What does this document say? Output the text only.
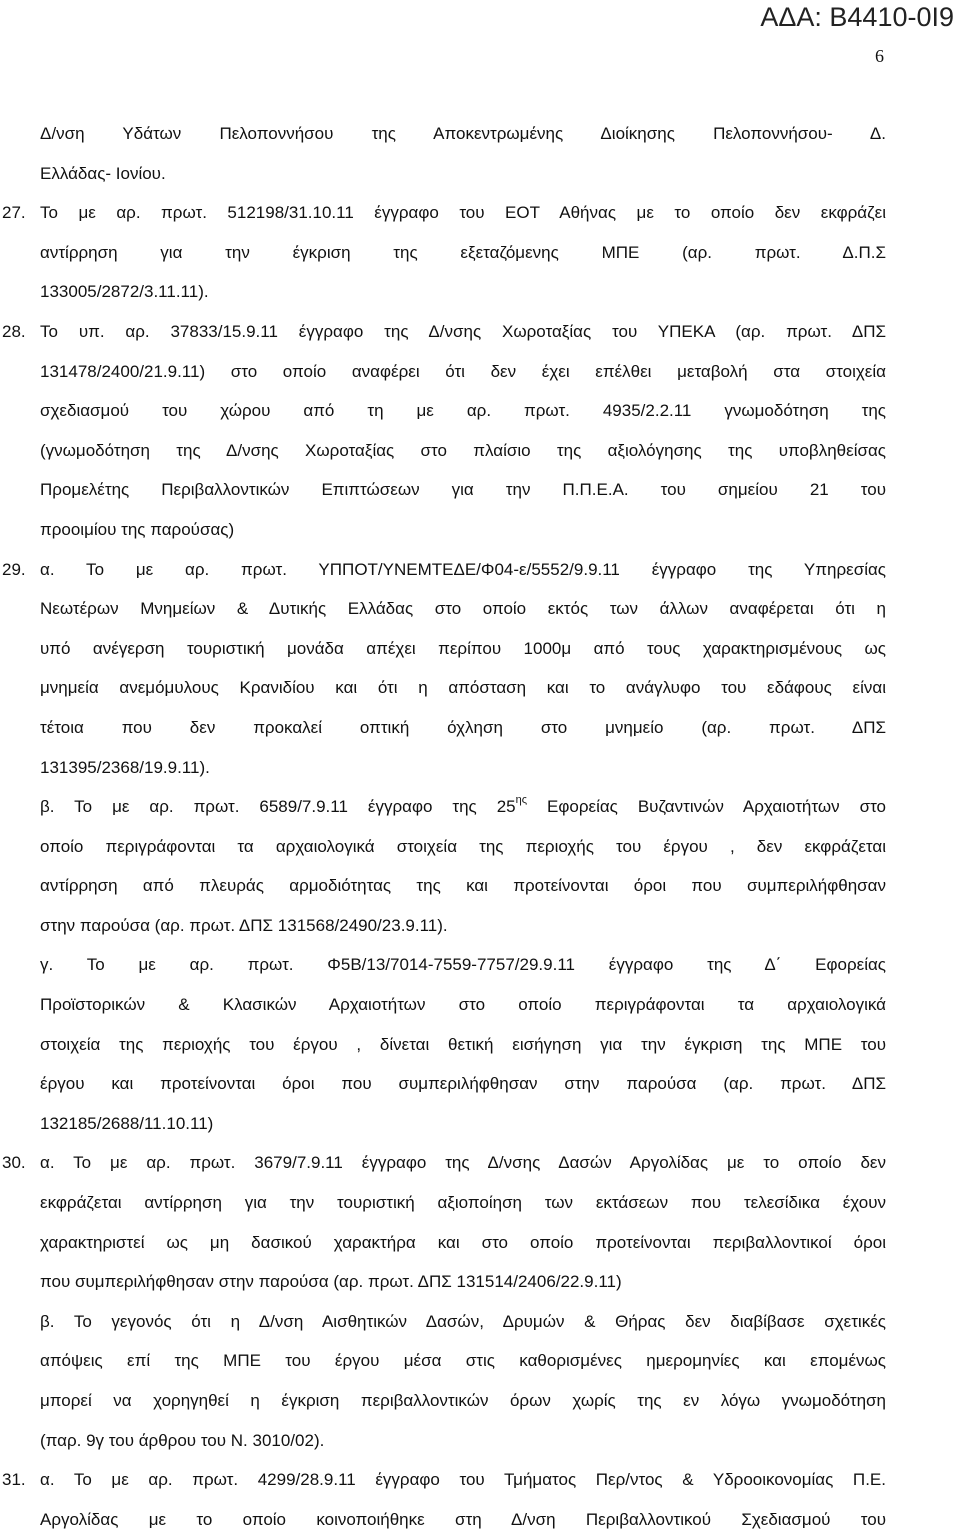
ΑΔΑ: Β4410-0Ι9
6
Δ/νση Υδάτων Πελοποννήσου της Αποκεντρωμένης Διοίκησης Πελοποννήσου- Δ.
Ελλάδας- Ιονίου.
27. Το με αρ. πρωτ. 512198/31.10.11 έγγραφο του ΕΟΤ Αθήνας με το οποίο δεν εκφράζει
αντίρρηση για την έγκριση της εξεταζόμενης ΜΠΕ (αρ. πρωτ. Δ.Π.Σ
133005/2872/3.11.11).
28. Το υπ. αρ. 37833/15.9.11 έγγραφο της Δ/νσης Χωροταξίας του ΥΠΕΚΑ (αρ. πρωτ. ΔΠΣ
131478/2400/21.9.11) στο οποίο αναφέρει ότι δεν έχει επέλθει μεταβολή στα στοιχεία
σχεδιασμού του χώρου από τη με αρ. πρωτ. 4935/2.2.11 γνωμοδότηση της
(γνωμοδότηση της Δ/νσης Χωροταξίας στο πλαίσιο της αξιολόγησης της υποβληθείσας
Προμελέτης Περιβαλλοντικών Επιπτώσεων για την Π.Π.Ε.Α. του σημείου 21 του
προοιμίου της παρούσας)
29. α. Το με αρ. πρωτ. ΥΠΠΟΤ/ΥΝΕΜΤΕΔΕ/Φ04-ε/5552/9.9.11 έγγραφο της Υπηρεσίας
Νεωτέρων Μνημείων & Δυτικής Ελλάδας στο οποίο εκτός των άλλων αναφέρεται ότι η
υπό ανέγερση τουριστική μονάδα απέχει περίπου 1000μ από τους χαρακτηρισμένους ως
μνημεία ανεμόμυλους Κρανιδίου και ότι η απόσταση και το ανάγλυφο του εδάφους είναι
τέτοια που δεν προκαλεί οπτική όχληση στο μνημείο (αρ. πρωτ. ΔΠΣ
131395/2368/19.9.11).
β. Το με αρ. πρωτ. 6589/7.9.11 έγγραφο της $25^{\eta\varsigma}$ Εφορείας Βυζαντινών Αρχαιοτήτων στο
οποίο περιγράφονται τα αρχαιολογικά στοιχεία της περιοχής του έργου , δεν εκφράζεται
αντίρρηση από πλευράς αρμοδιότητας της και προτείνονται όροι που συμπεριλήφθησαν
στην παρούσα (αρ. πρωτ. ΔΠΣ 131568/2490/23.9.11).
γ. Το με αρ. πρωτ. Φ5Β/13/7014-7559-7757/29.9.11 έγγραφο της Δ΄ Εφορείας
Προϊστορικών & Κλασικών Αρχαιοτήτων στο οποίο περιγράφονται τα αρχαιολογικά
στοιχεία της περιοχής του έργου , δίνεται θετική εισήγηση για την έγκριση της ΜΠΕ του
έργου και προτείνονται όροι που συμπεριλήφθησαν στην παρούσα (αρ. πρωτ. ΔΠΣ
132185/2688/11.10.11)
30. α. Το με αρ. πρωτ. 3679/7.9.11 έγγραφο της Δ/νσης Δασών Αργολίδας με το οποίο δεν
εκφράζεται αντίρρηση για την τουριστική αξιοποίηση των εκτάσεων που τελεσίδικα έχουν
χαρακτηριστεί ως μη δασικού χαρακτήρα και στο οποίο προτείνονται περιβαλλοντικοί όροι
που συμπεριλήφθησαν στην παρούσα (αρ. πρωτ. ΔΠΣ 131514/2406/22.9.11)
β. Το γεγονός ότι η Δ/νση Αισθητικών Δασών, Δρυμών & Θήρας δεν διαβίβασε σχετικές
απόψεις επί της ΜΠΕ του έργου μέσα στις καθορισμένες ημερομηνίες και επομένως
μπορεί να χορηγηθεί η έγκριση περιβαλλοντικών όρων χωρίς της εν λόγω γνωμοδότηση
(παρ. 9γ του άρθρου του Ν. 3010/02).
31. α. Το με αρ. πρωτ. 4299/28.9.11 έγγραφο του Τμήματος Περ/ντος & Υδροοικονομίας Π.Ε.
Αργολίδας με το οποίο κοινοποιήθηκε στη Δ/νση Περιβαλλοντικού Σχεδιασμού του
